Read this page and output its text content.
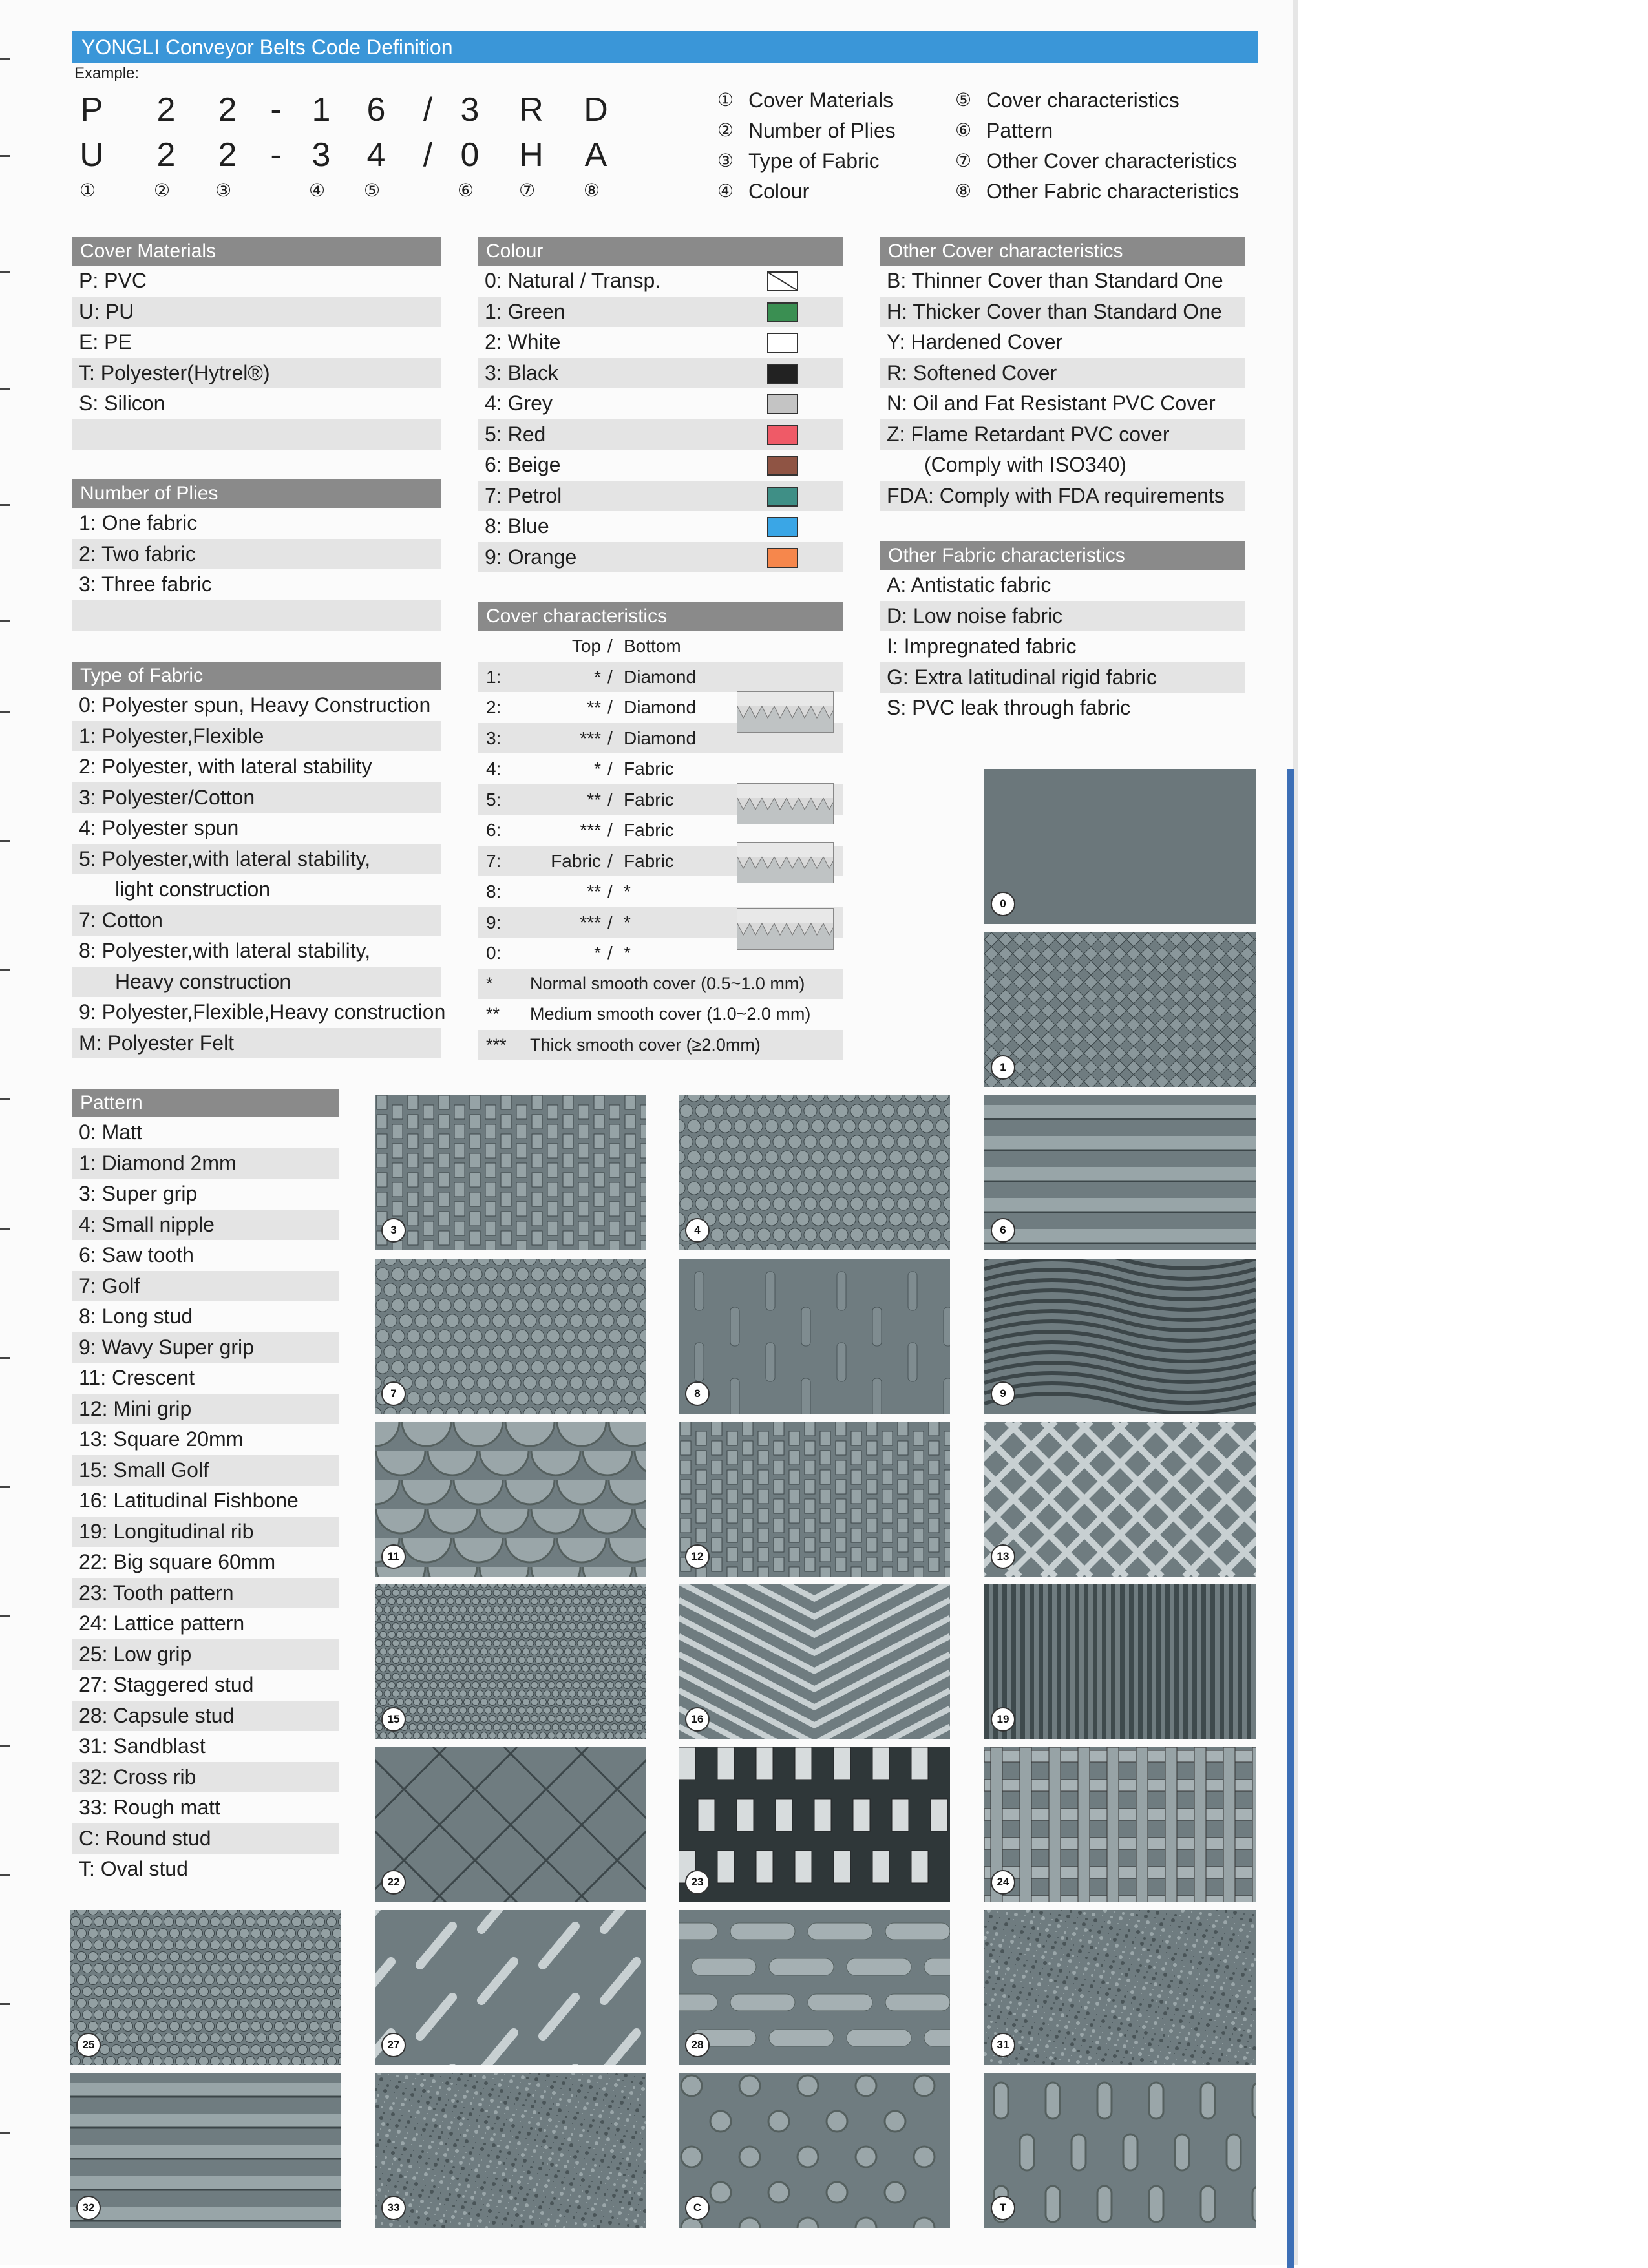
YONGLI Conveyor Belts Code Definition
Example:
P 2 2 - 1 6	/ 3 R D
U 2 2 - 3 4	/ 0 H A
①	② ③	④ ⑤	⑥ ⑦	⑧
① Cover Materials
② Number of Plies
③ Type of Fabric
④ Colour
⑤ Cover characteristics
⑥ Pattern
⑦ Other Cover characteristics
⑧ Other Fabric characteristics
Cover Materials
P: PVC
U: PU
E: PE
T: Polyester(Hytrel®)
S: Silicon
Number of Plies
1: One fabric
2: Two fabric
3: Three fabric
Type of Fabric
0: Polyester spun, Heavy Construction
1: Polyester,Flexible
2: Polyester, with lateral stability
3: Polyester/Cotton
4: Polyester spun
5: Polyester,with lateral stability,
light construction
7: Cotton
8: Polyester,with lateral stability,
Heavy construction
9: Polyester,Flexible,Heavy construction
M: Polyester Felt
Colour
0: Natural / Transp.
1: Green
2: White
3: Black
4: Grey
5: Red
6: Beige
7: Petrol
8: Blue
9: Orange
Other Cover characteristics
B: Thinner Cover than Standard One
H: Thicker Cover than Standard One
Y: Hardened Cover
R: Softened Cover
N: Oil and Fat Resistant PVC Cover
Z: Flame Retardant PVC cover
(Comply with ISO340)
FDA: Comply with FDA requirements
Other Fabric characteristics
A: Antistatic fabric
D: Low noise fabric
I: Impregnated fabric
G: Extra latitudinal rigid fabric
S: PVC leak through fabric
Pattern
0: Matt
1: Diamond 2mm
3: Super grip
4: Small nipple
6: Saw tooth
7: Golf
8: Long stud
9: Wavy Super grip
11: Crescent
12: Mini grip
13: Square 20mm
15: Small Golf
16: Latitudinal Fishbone
19: Longitudinal rib
22: Big square 60mm
23: Tooth pattern
24: Lattice pattern
25: Low grip
27: Staggered stud
28: Capsule stud
31: Sandblast
32: Cross rib
33: Rough matt
C: Round stud
T: Oval stud
Cover characteristics
Top / Bottom
1:	* / Diamond
2:	** / Diamond
3:	*** / Diamond
4:	* / Fabric
5:	** / Fabric
6:	*** / Fabric
7:	Fabric / Fabric
8:	** / *
9:	*** / *
0:	* / *
* Normal smooth cover (0.5~1.0 mm)
** Medium smooth cover (1.0~2.0 mm)
*** Thick smooth cover (≥2.0mm)
0
1
3	4	6
7	8	9
11	12	13
15	16	19
22	23	24
25	27	28	31
32	33	C	T
